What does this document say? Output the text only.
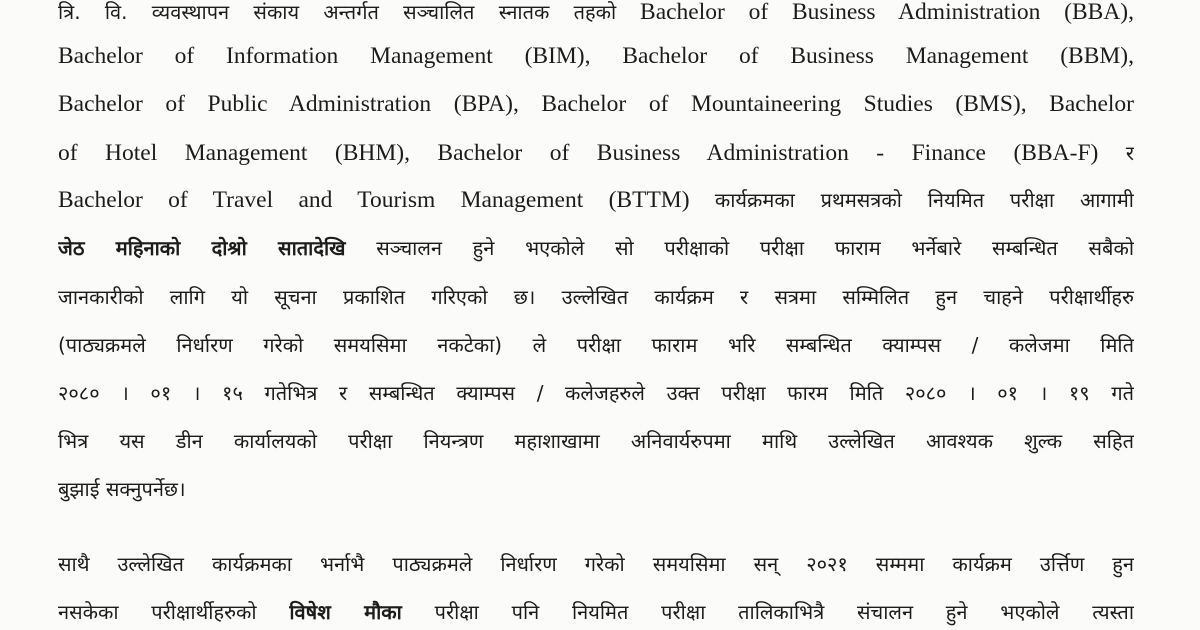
त्रि. वि. व्यवस्थापन संकाय अन्तर्गत सञ्चालित स्नातक तहको Bachelor of Business Administration (BBA),
Bachelor of Information Management (BIM), Bachelor of Business Management (BBM),
Bachelor of Public Administration (BPA), Bachelor of Mountaineering Studies (BMS), Bachelor
of Hotel Management (BHM), Bachelor of Business Administration - Finance (BBA-F) र
Bachelor of Travel and Tourism Management (BTTM) कार्यक्रमका प्रथमसत्रको नियमित परीक्षा आगामी
जेठ महिनाको दोश्रो सातादेखि सञ्चालन हुने भएकोले सो परीक्षाको परीक्षा फाराम भर्नेबारे सम्बन्धित सबैको
जानकारीको लागि यो सूचना प्रकाशित गरिएको छ। उल्लेखित कार्यक्रम र सत्रमा सम्मिलित हुन चाहने परीक्षार्थीहरु
(पाठ्यक्रमले निर्धारण गरेको समयसिमा नकटेका) ले परीक्षा फाराम भरि सम्बन्धित क्याम्पस / कलेजमा मिति
२०८० । ०१ । १५ गतेभित्र र सम्बन्धित क्याम्पस / कलेजहरुले उक्त परीक्षा फारम मिति २०८० । ०१ । १९ गते
भित्र यस डीन कार्यालयको परीक्षा नियन्त्रण महाशाखामा अनिवार्यरुपमा माथि उल्लेखित आवश्यक शुल्क सहित
बुझाई सक्नुपर्नेछ।
साथै उल्लेखित कार्यक्रमका भर्नाभै पाठ्यक्रमले निर्धारण गरेको समयसिमा सन् २०२१ सम्ममा कार्यक्रम उर्त्तिण हुन
नसकेका परीक्षार्थीहरुको विषेश मौका परीक्षा पनि नियमित परीक्षा तालिकाभित्रै संचालन हुने भएकोले त्यस्ता
